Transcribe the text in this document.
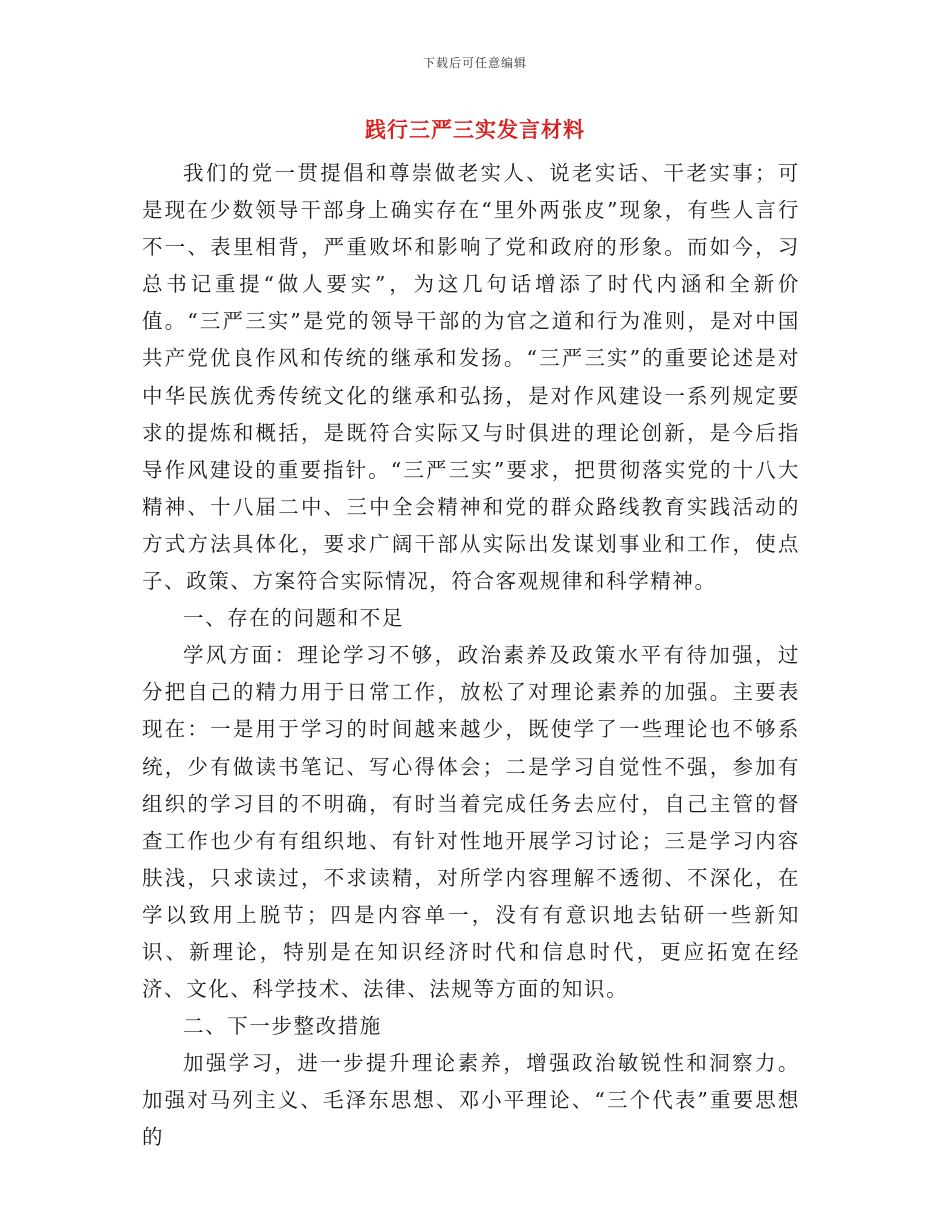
下载后可任意编辑
践行三严三实发言材料

我们的党一贯提倡和尊崇做老实人、说老实话、干老实事；可是现在少数领导干部身上确实存在“里外两张皮”现象，有些人言行不一、表里相背，严重败坏和影响了党和政府的形象。而如今，习总书记重提“做人要实”，为这几句话增添了时代内涵和全新价值。“三严三实”是党的领导干部的为官之道和行为准则，是对中国共产党优良作风和传统的继承和发扬。“三严三实”的重要论述是对中华民族优秀传统文化的继承和弘扬，是对作风建设一系列规定要求的提炼和概括，是既符合实际又与时俱进的理论创新，是今后指导作风建设的重要指针。“三严三实”要求，把贯彻落实党的十八大精神、十八届二中、三中全会精神和党的群众路线教育实践活动的方式方法具体化，要求广阔干部从实际出发谋划事业和工作，使点子、政策、方案符合实际情况，符合客观规律和科学精神。

一、存在的问题和不足

学风方面：理论学习不够，政治素养及政策水平有待加强，过分把自己的精力用于日常工作，放松了对理论素养的加强。主要表现在：一是用于学习的时间越来越少，既使学了一些理论也不够系统，少有做读书笔记、写心得体会；二是学习自觉性不强，参加有组织的学习目的不明确，有时当着完成任务去应付，自己主管的督查工作也少有有组织地、有针对性地开展学习讨论；三是学习内容肤浅，只求读过，不求读精，对所学内容理解不透彻、不深化，在学以致用上脱节；四是内容单一，没有有意识地去钻研一些新知识、新理论，特别是在知识经济时代和信息时代，更应拓宽在经济、文化、科学技术、法律、法规等方面的知识。

二、下一步整改措施

加强学习，进一步提升理论素养，增强政治敏锐性和洞察力。加强对马列主义、毛泽东思想、邓小平理论、“三个代表”重要思想的
